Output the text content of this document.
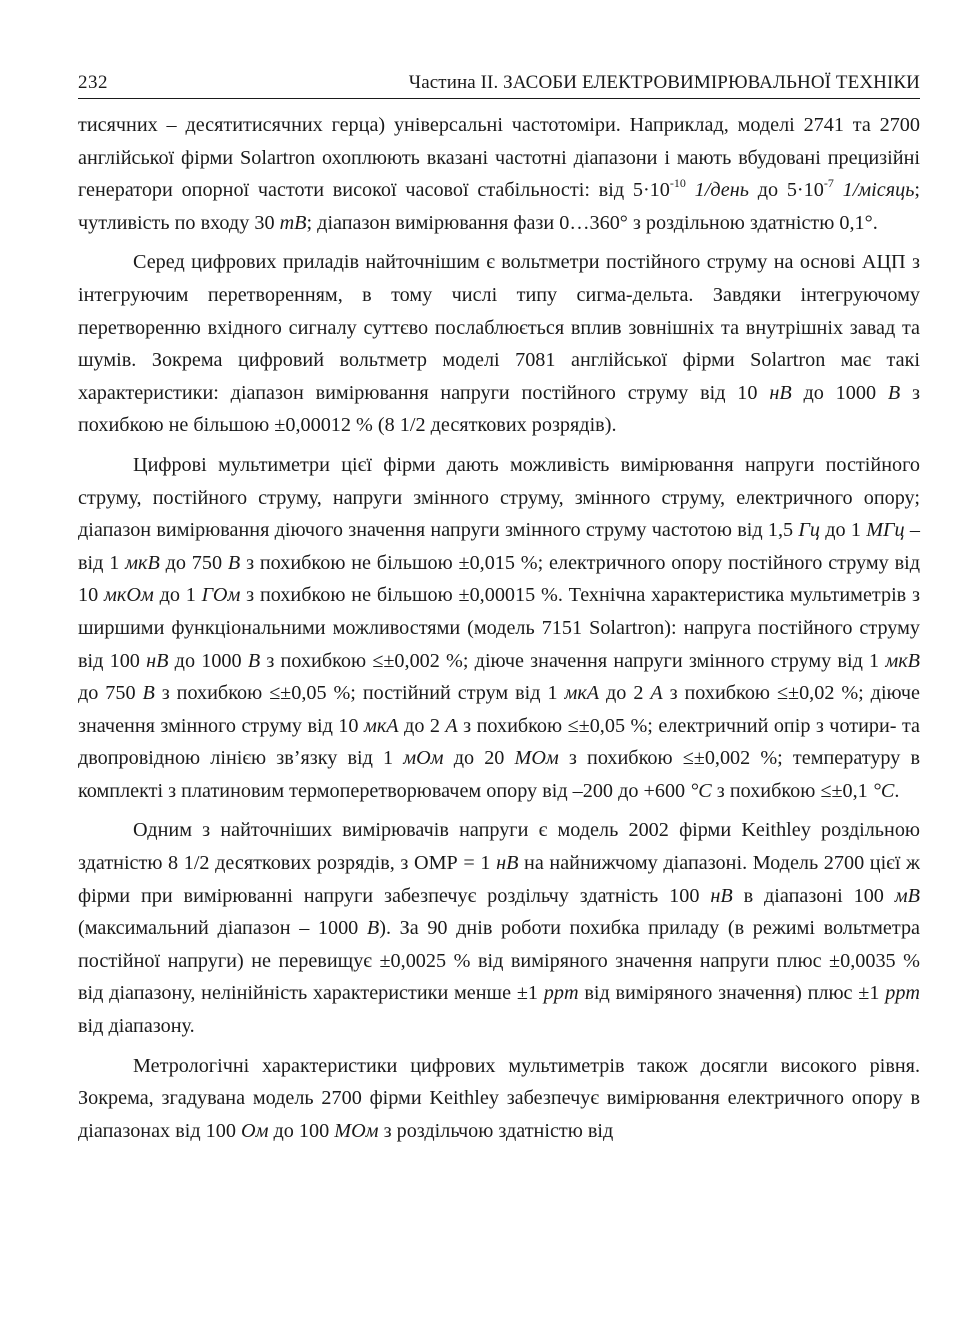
232	Частина II. ЗАСОБИ ЕЛЕКТРОВИМІРЮВАЛЬНОЇ ТЕХНІКИ

тисячних – десятитисячних герца) універсальні частотоміри. Наприклад, моделі 2741 та 2700 англійської фірми Solartron охоплюють вказані частотні діапазони і мають вбудовані прецизійні генератори опорної частоти високої часової стабільності: від $5\cdot 10^{-10}$ 1/день до $5\cdot 10^{-7}$ 1/місяць; чутливість по входу 30 mB; діапазон вимірювання фази 0…360° з роздільною здатністю 0,1°.

Серед цифрових приладів найточнішим є вольтметри постійного струму на основі АЦП з інтегруючим перетворенням, в тому числі типу сигма-дельта. Завдяки інтегруючому перетворенню вхідного сигналу суттєво послаблюється вплив зовнішніх та внутрішніх завад та шумів. Зокрема цифровий вольтметр моделі 7081 англійської фірми Solartron має такі характеристики: діапазон вимірювання напруги постійного струму від 10 нВ до 1000 B з похибкою не більшою ±0,00012 % (8 1/2 десяткових розрядів).

Цифрові мультиметри цієї фірми дають можливість вимірювання напруги постійного струму, постійного струму, напруги змінного струму, змінного струму, електричного опору; діапазон вимірювання діючого значення напруги змінного струму частотою від 1,5 Гц до 1 МГц – від 1 мкВ до 750 B з похибкою не більшою ±0,015 %; електричного опору постійного струму від 10 мкОм до 1 ГОм з похибкою не більшою ±0,00015 %. Технічна характеристика мультиметрів з ширшими функціональними можливостями (модель 7151 Solartron): напруга постійного струму від 100 нВ до 1000 B з похибкою ≤±0,002 %; діюче значення напруги змінного струму від 1 мкВ до 750 B з похибкою ≤±0,05 %; постійний струм від 1 мкА до 2 A з похибкою ≤±0,02 %; діюче значення змінного струму від 10 мкА до 2 A з похибкою ≤±0,05 %; електричний опір з чотири- та двопровідною лінією зв’язку від 1 мОм до 20 МОм з похибкою ≤±0,002 %; температуру в комплекті з платиновим термоперетворювачем опору від –200 до +600 °C з похибкою ≤±0,1 °C.

Одним з найточніших вимірювачів напруги є модель 2002 фірми Keithley роздільною здатністю 8 1/2 десяткових розрядів, з ОМР = 1 нВ на найнижчому діапазоні. Модель 2700 цієї ж фірми при вимірюванні напруги забезпечує роздільчу здатність 100 нВ в діапазоні 100 мВ (максимальний діапазон – 1000 B). За 90 днів роботи похибка приладу (в режимі вольтметра постійної напруги) не перевищує ±0,0025 % від виміряного значення напруги плюс ±0,0035 % від діапазону, нелінійність характеристики менше ±1 ppm від виміряного значення) плюс ±1 ppm від діапазону.

Метрологічні характеристики цифрових мультиметрів також досягли високого рівня. Зокрема, згадувана модель 2700 фірми Keithley забезпечує вимірювання електричного опору в діапазонах від 100 Ом до 100 МОм з роздільчою здатністю від
